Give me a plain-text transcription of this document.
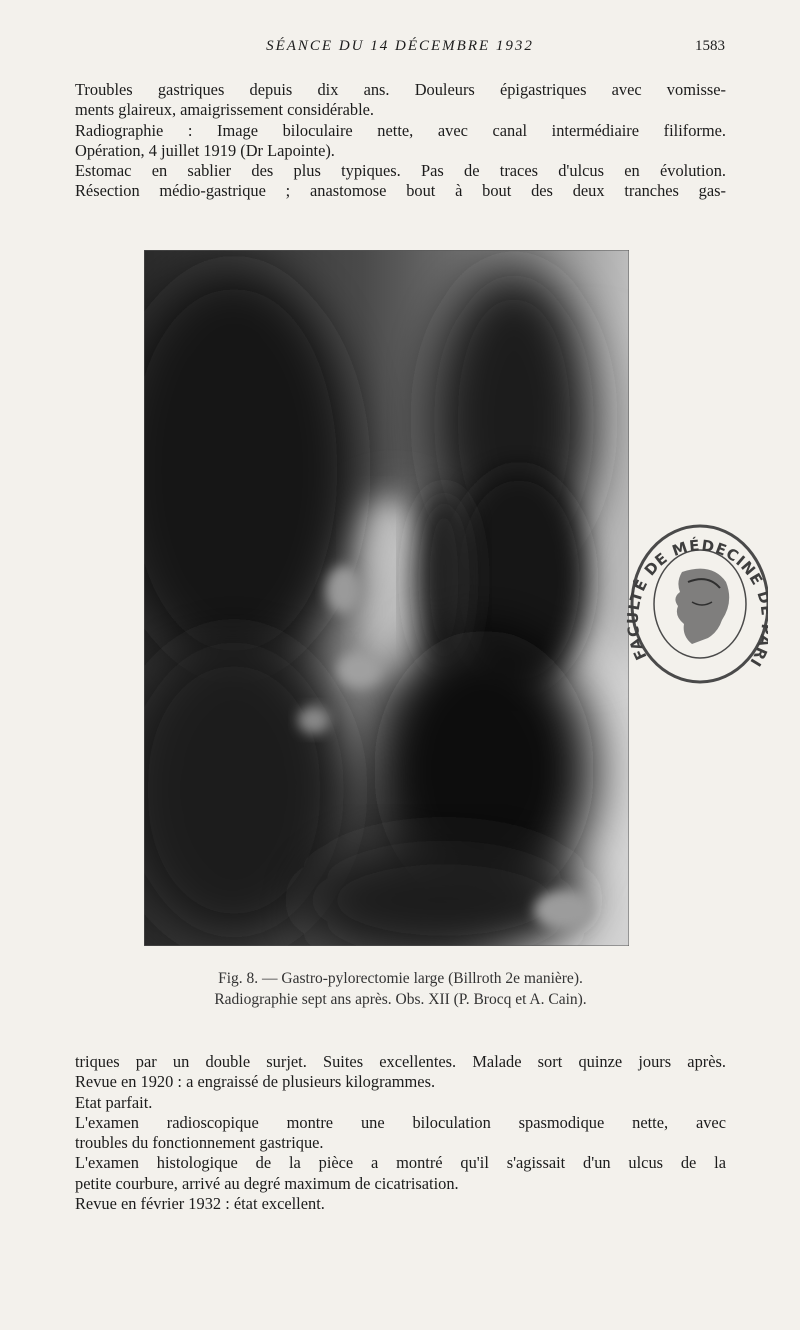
SÉANCE DU 14 DÉCEMBRE 1932	1583
Troubles gastriques depuis dix ans. Douleurs épigastriques avec vomisse-
ments glaireux, amaigrissement considérable.
Radiographie : Image biloculaire nette, avec canal intermédiaire filiforme.
Opération, 4 juillet 1919 (Dr Lapointe).
Estomac en sablier des plus typiques. Pas de traces d'ulcus en évolution.
Résection médio-gastrique ; anastomose bout à bout des deux tranches gas-
Fig. 8. — Gastro-pylorectomie large (Billroth 2e manière).
Radiographie sept ans après. Obs. XII (P. Brocq et A. Cain).
FACULTÉ DE MÉDECINE I
triques par un double surjet. Suites excellentes. Malade sort quinze jours après.
Revue en 1920 : a engraissé de plusieurs kilogrammes.
Etat parfait.
L'examen radioscopique montre une biloculation spasmodique nette, avec
troubles du fonctionnement gastrique.
L'examen histologique de la pièce a montré qu'il s'agissait d'un ulcus de la
petite courbure, arrivé au degré maximum de cicatrisation.
Revue en février 1932 : état excellent.
